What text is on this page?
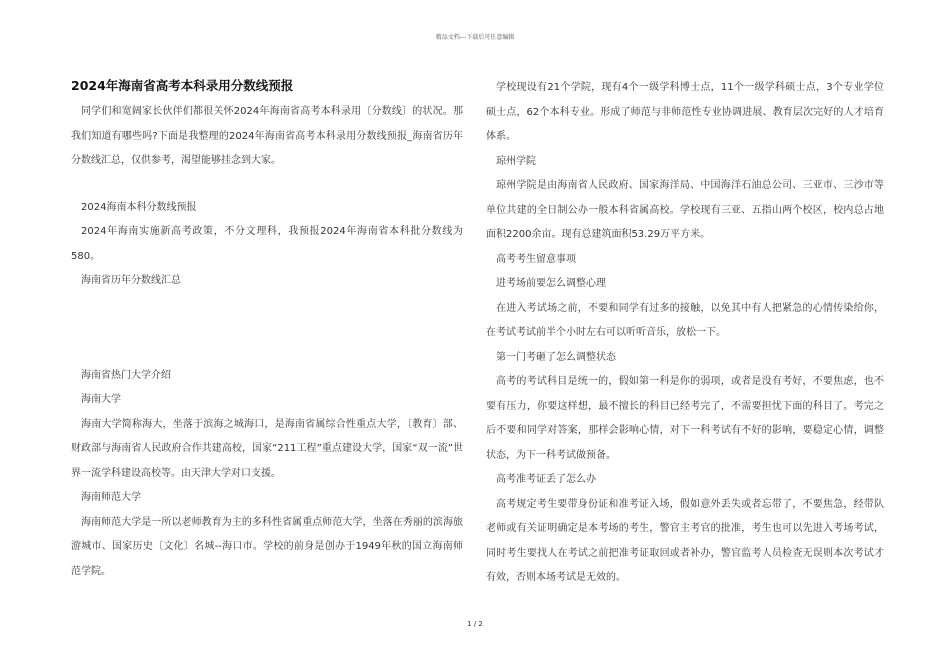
精品文档---下载后可任意编辑
2024年海南省高考本科录用分数线预报

同学们和宽阔家长伙伴们都很关怀2024年海南省高考本科录用〔分数线〕的状况。那我们知道有哪些吗?下面是我整理的2024年海南省高考本科录用分数线预报_海南省历年分数线汇总，仅供参考，渴望能够挂念到大家。

2024海南本科分数线预报

2024年海南实施新高考政策，不分文理科，我预报2024年海南省本科批分数线为580。

海南省历年分数线汇总

海南省热门大学介绍

海南大学

海南大学简称海大，坐落于滨海之城海口，是海南省属综合性重点大学，〔教育〕部、财政部与海南省人民政府合作共建高校，国家“211工程”重点建设大学，国家“双一流”世界一流学科建设高校等。由天津大学对口支援。

海南师范大学

海南师范大学是一所以老师教育为主的多科性省属重点师范大学，坐落在秀丽的滨海旅游城市、国家历史〔文化〕名城--海口市。学校的前身是创办于1949年秋的国立海南师范学院。

学校现设有21个学院，现有4个一级学科博士点，11个一级学科硕士点，3个专业学位硕士点，62个本科专业。形成了师范与非师范性专业协调进展、教育层次完好的人才培育体系。

琼州学院

琼州学院是由海南省人民政府、国家海洋局、中国海洋石油总公司、三亚市、三沙市等单位共建的全日制公办一般本科省属高校。学校现有三亚、五指山两个校区，校内总占地面积2200余亩。现有总建筑面积53.29万平方米。

高考考生留意事项

进考场前要怎么调整心理

在进入考试场之前，不要和同学有过多的接触，以免其中有人把紧急的心情传染给你，在考试考试前半个小时左右可以听听音乐，放松一下。

第一门考砸了怎么调整状态

高考的考试科目是统一的，假如第一科是你的弱项，或者是没有考好，不要焦虑，也不要有压力，你要这样想，最不擅长的科目已经考完了，不需要担忧下面的科目了。考完之后不要和同学对答案，那样会影响心情，对下一科考试有不好的影响，要稳定心情，调整状态，为下一科考试做预备。

高考准考证丢了怎么办

高考规定考生要带身份证和准考证入场，假如意外丢失或者忘带了，不要焦急，经带队老师或有关证明确定是本考场的考生，警官主考官的批准，考生也可以先进入考场考试，同时考生要找人在考试之前把准考证取回或者补办，警官监考人员检查无误则本次考试才有效，否则本场考试是无效的。

1 / 2
